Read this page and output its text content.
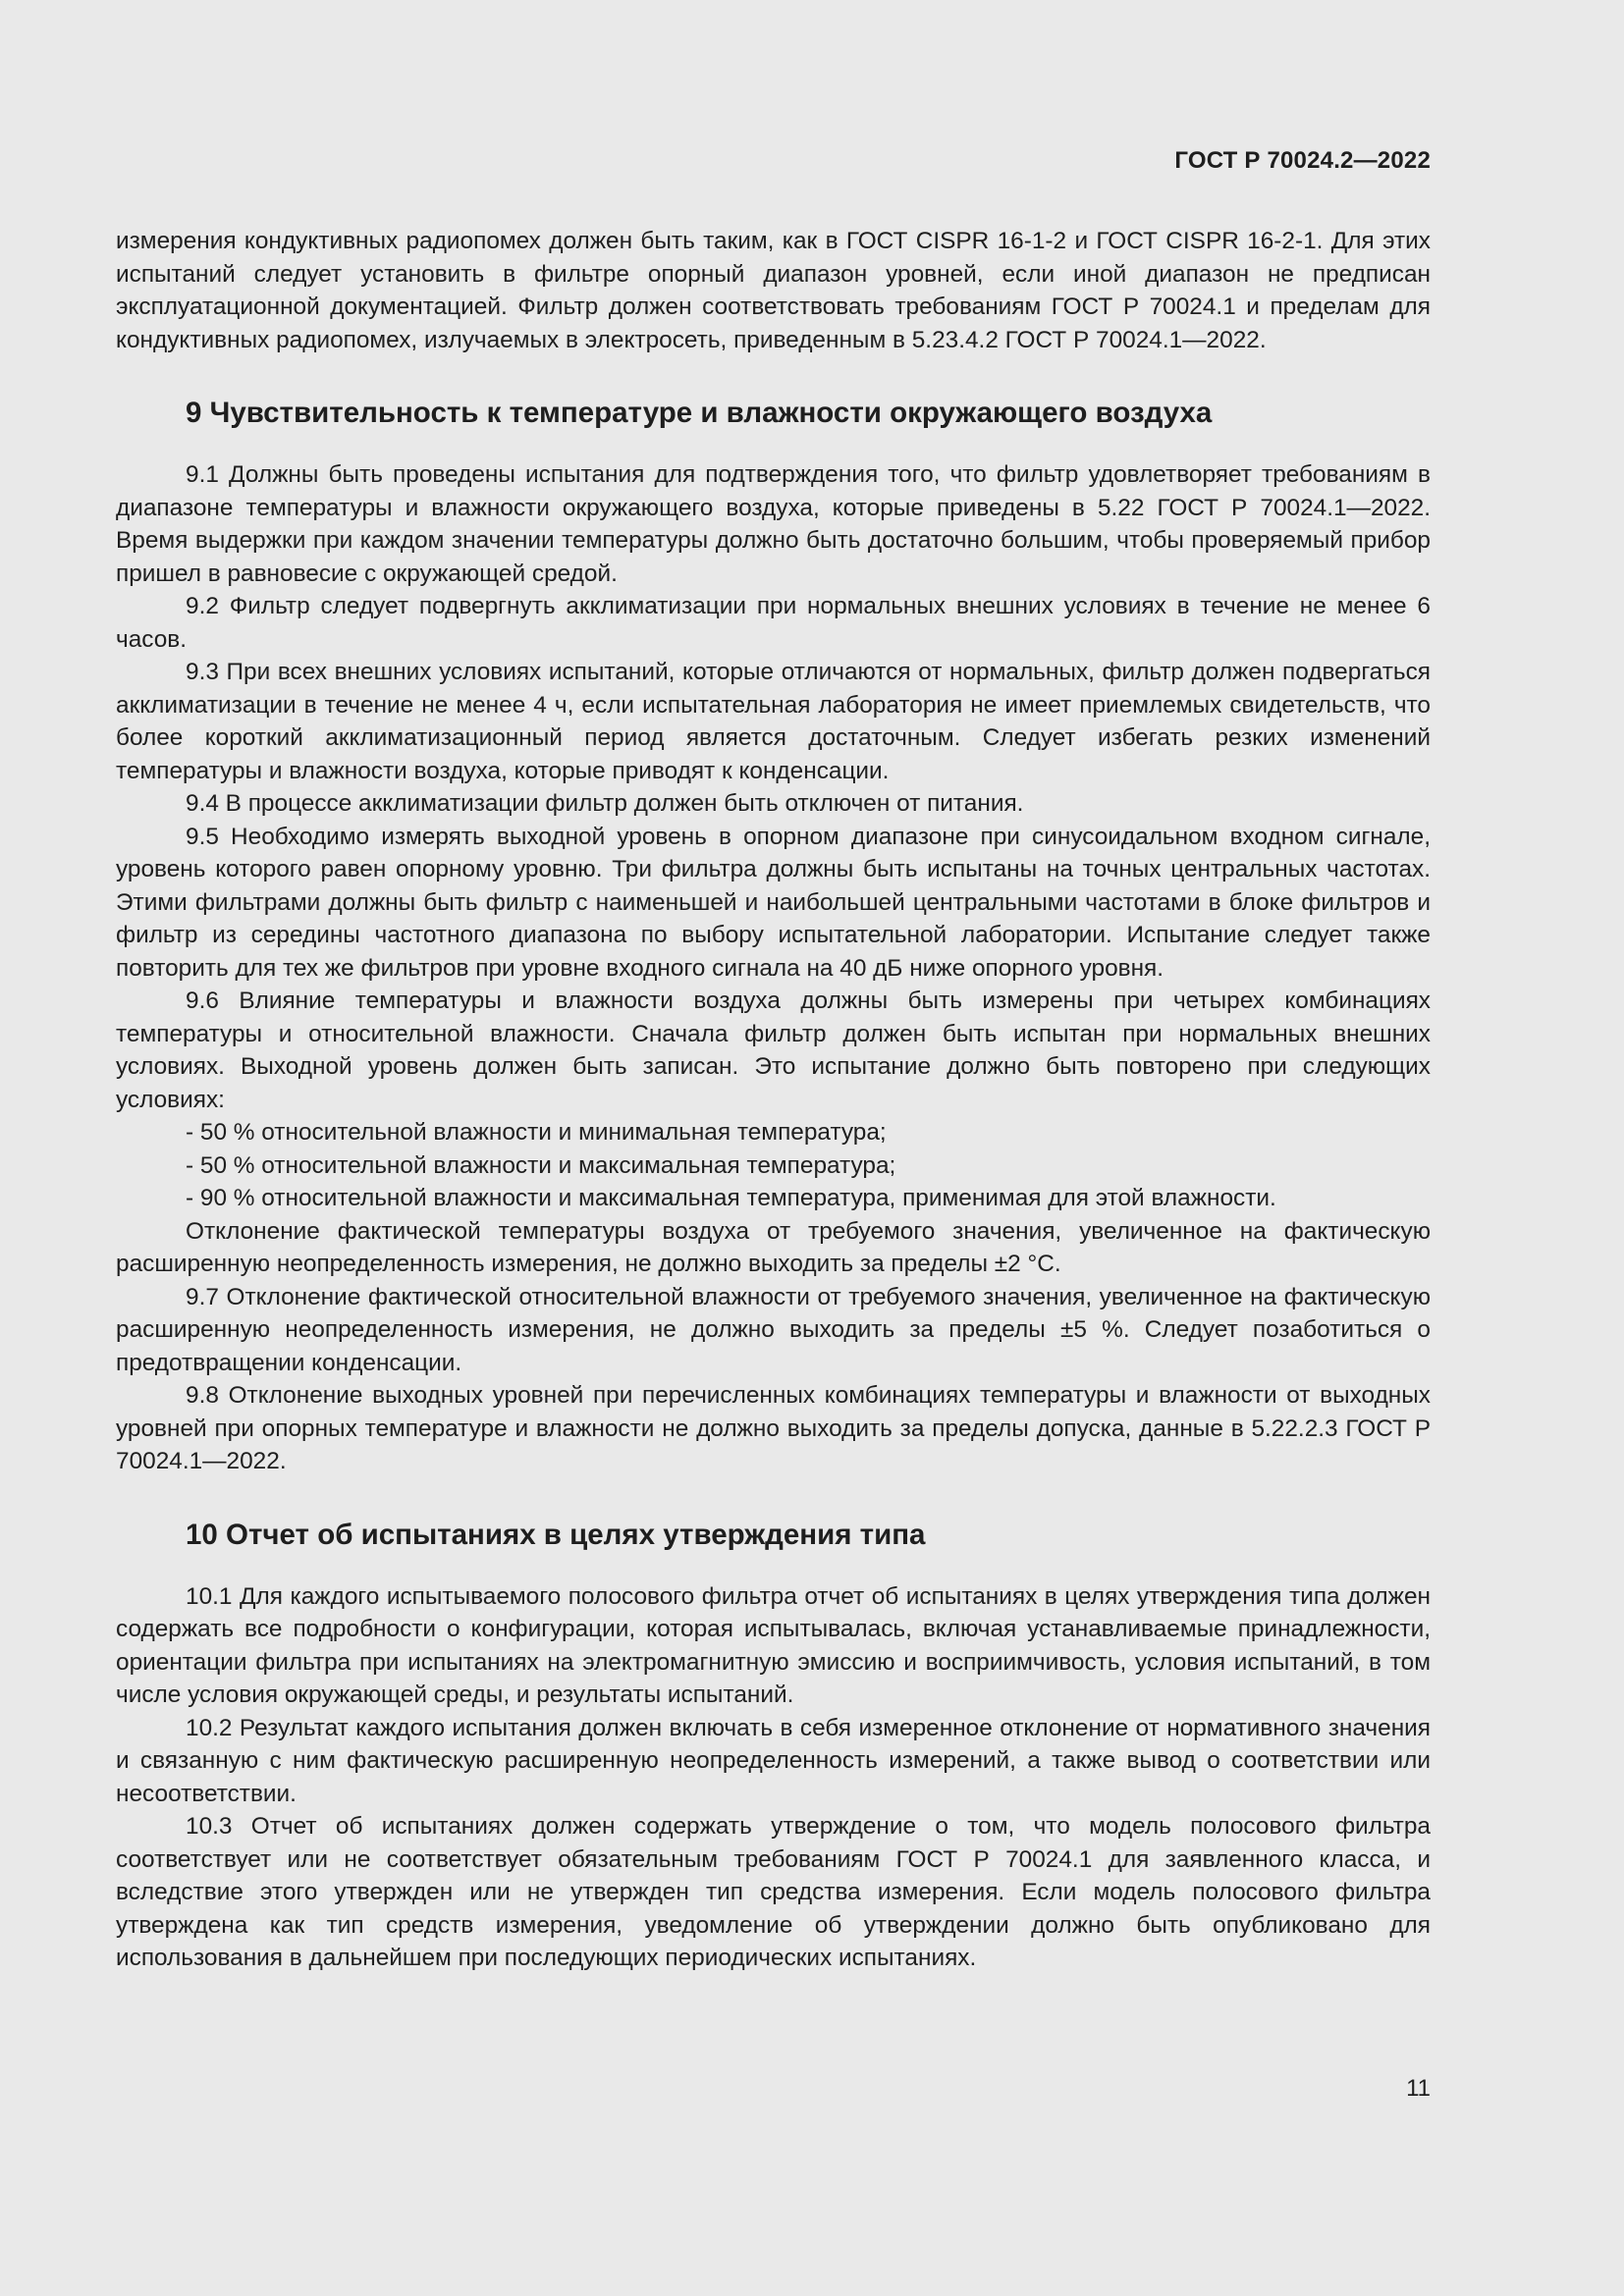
ГОСТ Р 70024.2—2022

измерения кондуктивных радиопомех должен быть таким, как в ГОСТ CISPR 16-1-2 и ГОСТ CISPR 16-2-1. Для этих испытаний следует установить в фильтре опорный диапазон уровней, если иной диапазон не предписан эксплуатационной документацией. Фильтр должен соответствовать требованиям ГОСТ Р 70024.1 и пределам для кондуктивных радиопомех, излучаемых в электросеть, приведенным в 5.23.4.2 ГОСТ Р 70024.1—2022.

9 Чувствительность к температуре и влажности окружающего воздуха

9.1 Должны быть проведены испытания для подтверждения того, что фильтр удовлетворяет требованиям в диапазоне температуры и влажности окружающего воздуха, которые приведены в 5.22 ГОСТ Р 70024.1—2022. Время выдержки при каждом значении температуры должно быть достаточно большим, чтобы проверяемый прибор пришел в равновесие с окружающей средой.

9.2 Фильтр следует подвергнуть акклиматизации при нормальных внешних условиях в течение не менее 6 часов.

9.3 При всех внешних условиях испытаний, которые отличаются от нормальных, фильтр должен подвергаться акклиматизации в течение не менее 4 ч, если испытательная лаборатория не имеет приемлемых свидетельств, что более короткий акклиматизационный период является достаточным. Следует избегать резких изменений температуры и влажности воздуха, которые приводят к конденсации.

9.4 В процессе акклиматизации фильтр должен быть отключен от питания.

9.5 Необходимо измерять выходной уровень в опорном диапазоне при синусоидальном входном сигнале, уровень которого равен опорному уровню. Три фильтра должны быть испытаны на точных центральных частотах. Этими фильтрами должны быть фильтр с наименьшей и наибольшей центральными частотами в блоке фильтров и фильтр из середины частотного диапазона по выбору испытательной лаборатории. Испытание следует также повторить для тех же фильтров при уровне входного сигнала на 40 дБ ниже опорного уровня.

9.6 Влияние температуры и влажности воздуха должны быть измерены при четырех комбинациях температуры и относительной влажности. Сначала фильтр должен быть испытан при нормальных внешних условиях. Выходной уровень должен быть записан. Это испытание должно быть повторено при следующих условиях:

- 50 % относительной влажности и минимальная температура;

- 50 % относительной влажности и максимальная температура;

- 90 % относительной влажности и максимальная температура, применимая для этой влажности.

Отклонение фактической температуры воздуха от требуемого значения, увеличенное на фактическую расширенную неопределенность измерения, не должно выходить за пределы ±2 °С.

9.7 Отклонение фактической относительной влажности от требуемого значения, увеличенное на фактическую расширенную неопределенность измерения, не должно выходить за пределы ±5 %. Следует позаботиться о предотвращении конденсации.

9.8 Отклонение выходных уровней при перечисленных комбинациях температуры и влажности от выходных уровней при опорных температуре и влажности не должно выходить за пределы допуска, данные в 5.22.2.3 ГОСТ Р 70024.1—2022.

10 Отчет об испытаниях в целях утверждения типа

10.1 Для каждого испытываемого полосового фильтра отчет об испытаниях в целях утверждения типа должен содержать все подробности о конфигурации, которая испытывалась, включая устанавливаемые принадлежности, ориентации фильтра при испытаниях на электромагнитную эмиссию и восприимчивость, условия испытаний, в том числе условия окружающей среды, и результаты испытаний.

10.2 Результат каждого испытания должен включать в себя измеренное отклонение от нормативного значения и связанную с ним фактическую расширенную неопределенность измерений, а также вывод о соответствии или несоответствии.

10.3 Отчет об испытаниях должен содержать утверждение о том, что модель полосового фильтра соответствует или не соответствует обязательным требованиям ГОСТ Р 70024.1 для заявленного класса, и вследствие этого утвержден или не утвержден тип средства измерения. Если модель полосового фильтра утверждена как тип средств измерения, уведомление об утверждении должно быть опубликовано для использования в дальнейшем при последующих периодических испытаниях.

11
